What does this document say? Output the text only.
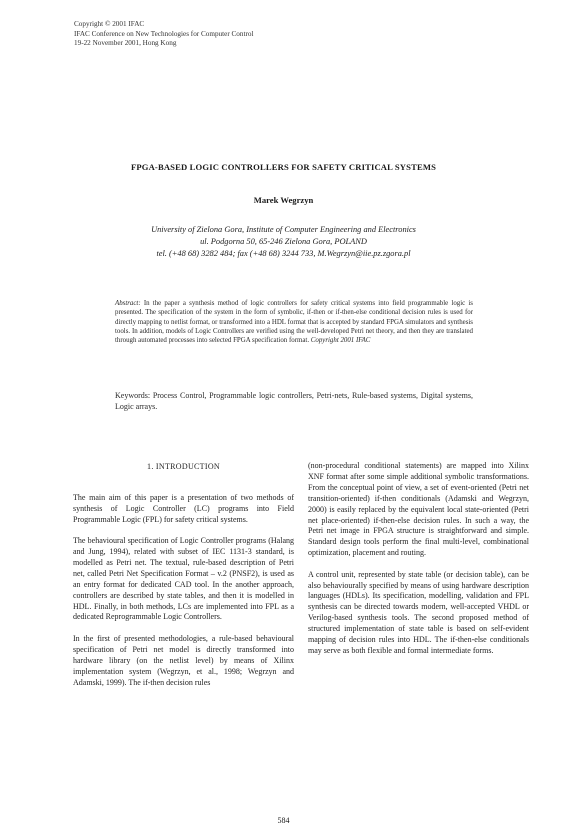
Copyright © 2001 IFAC
IFAC Conference on New Technologies for Computer Control
19-22 November 2001, Hong Kong
FPGA-BASED LOGIC CONTROLLERS FOR SAFETY CRITICAL SYSTEMS
Marek Wegrzyn
University of Zielona Gora, Institute of Computer Engineering and Electronics
ul. Podgorna 50, 65-246 Zielona Gora, POLAND
tel. (+48 68) 3282 484; fax (+48 68) 3244 733, M.Wegrzyn@iie.pz.zgora.pl
Abstract: In the paper a synthesis method of logic controllers for safety critical systems into field programmable logic is presented. The specification of the system in the form of symbolic, if-then or if-then-else conditional decision rules is used for directly mapping to netlist format, or transformed into a HDL format that is accepted by standard FPGA simulators and synthesis tools. In addition, models of Logic Controllers are verified using the well-developed Petri net theory, and then they are translated through automated processes into selected FPGA specification format. Copyright 2001 IFAC
Keywords: Process Control, Programmable logic controllers, Petri-nets, Rule-based systems, Digital systems, Logic arrays.
1. INTRODUCTION

The main aim of this paper is a presentation of two methods of synthesis of Logic Controller (LC) programs into Field Programmable Logic (FPL) for safety critical systems.

The behavioural specification of Logic Controller programs (Halang and Jung, 1994), related with subset of IEC 1131-3 standard, is modelled as Petri net. The textual, rule-based description of Petri net, called Petri Net Specification Format – v.2 (PNSF2), is used as an entry format for dedicated CAD tool. In the another approach, controllers are described by state tables, and then it is modelled in HDL. Finally, in both methods, LCs are implemented into FPL as a dedicated Reprogrammable Logic Controllers.

In the first of presented methodologies, a rule-based behavioural specification of Petri net model is directly transformed into hardware library (on the netlist level) by means of Xilinx implementation system (Wegrzyn, et al., 1998; Wegrzyn and Adamski, 1999). The if-then decision rules

(non-procedural conditional statements) are mapped into Xilinx XNF format after some simple additional symbolic transformations. From the conceptual point of view, a set of event-oriented (Petri net transition-oriented) if-then conditionals (Adamski and Wegrzyn, 2000) is easily replaced by the equivalent local state-oriented (Petri net place-oriented) if-then-else decision rules. In such a way, the Petri net image in FPGA structure is straightforward and simple. Standard design tools perform the final multi-level, combinational optimization, placement and routing.

A control unit, represented by state table (or decision table), can be also behaviourally specified by means of using hardware description languages (HDLs). Its specification, modelling, validation and FPL synthesis can be directed towards modern, well-accepted VHDL or Verilog-based synthesis tools. The second proposed method of structured implementation of state table is based on self-evident mapping of decision rules into HDL. The if-then-else conditionals may serve as both flexible and formal intermediate forms.

584
